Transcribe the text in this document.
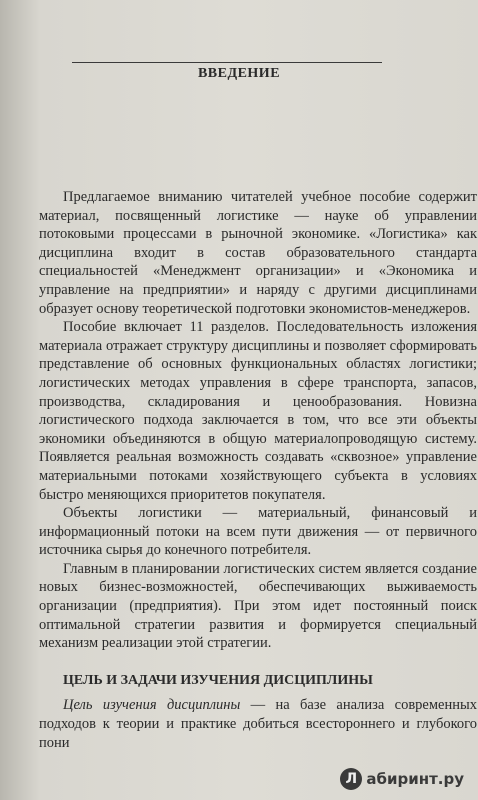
ВВЕДЕНИЕ

Предлагаемое вниманию читателей учебное пособие содержит материал, посвященный логистике — науке об управлении потоковыми процессами в рыночной экономике. «Логистика» как дисциплина входит в состав образовательного стандарта специальностей «Менеджмент организации» и «Экономика и управление на предприятии» и наряду с другими дисциплинами образует основу теоретической подготовки экономистов-менеджеров.

Пособие включает 11 разделов. Последовательность изложения материала отражает структуру дисциплины и позволяет сформировать представление об основных функциональных областях логистики; логистических методах управления в сфере транспорта, запасов, производства, складирования и ценообразования. Новизна логистического подхода заключается в том, что все эти объекты экономики объединяются в общую материалопроводящую систему. Появляется реальная возможность создавать «сквозное» управление материальными потоками хозяйствующего субъекта в условиях быстро меняющихся приоритетов покупателя.

Объекты логистики — материальный, финансовый и информационный потоки на всем пути движения — от первичного источника сырья до конечного потребителя.

Главным в планировании логистических систем является создание новых бизнес-возможностей, обеспечивающих выживаемость организации (предприятия). При этом идет постоянный поиск оптимальной стратегии развития и формируется специальный механизм реализации этой стратегии.

ЦЕЛЬ И ЗАДАЧИ ИЗУЧЕНИЯ ДИСЦИПЛИНЫ

Цель изучения дисциплины — на базе анализа современных подходов к теории и практике добиться всестороннего и глубокого пони

Л абиринт.ру
